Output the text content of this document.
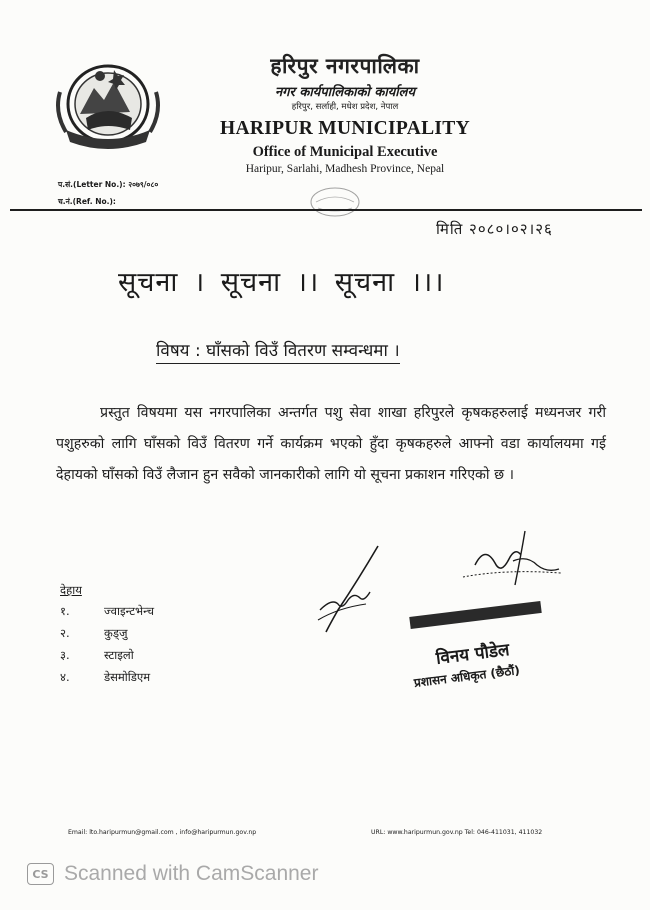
हरिपुर नगरपालिका
नगर कार्यपालिकाको कार्यालय
हरिपुर, सर्लाही, मधेश प्रदेश, नेपाल
HARIPUR MUNICIPALITY
Office of Municipal Executive
Haripur, Sarlahi, Madhesh Province, Nepal
प.सं.(Letter No.): २०७९/०८०
च.नं.(Ref. No.):
मिति २०८०।०२।२६
सूचना । सूचना ।। सूचना ।।।
विषय : घाँसको विउँ वितरण सम्वन्धमा ।

प्रस्तुत विषयमा यस नगरपालिका अन्तर्गत पशु सेवा शाखा हरिपुरले कृषकहरुलाई मध्यनजर गरी पशुहरुको लागि घाँसको विउँ वितरण गर्ने कार्यक्रम भएको हुँदा कृषकहरुले आफ्नो वडा कार्यालयमा गई देहायको घाँसको विउँ लैजान हुन सवैको जानकारीको लागि यो सूचना प्रकाशन गरिएको छ ।

देहाय
१.	ज्वाइन्टभेन्च
२.	कुड्जु
३.	स्टाइलो
४.	डेसमोडिएम
विनय पौडेल
प्रशासन अधिकृत (छैठौं)
Email: lto.haripurmun@gmail.com , info@haripurmun.gov.np	URL: www.haripurmun.gov.np Tel: 046-411031, 411032
CS Scanned with CamScanner
